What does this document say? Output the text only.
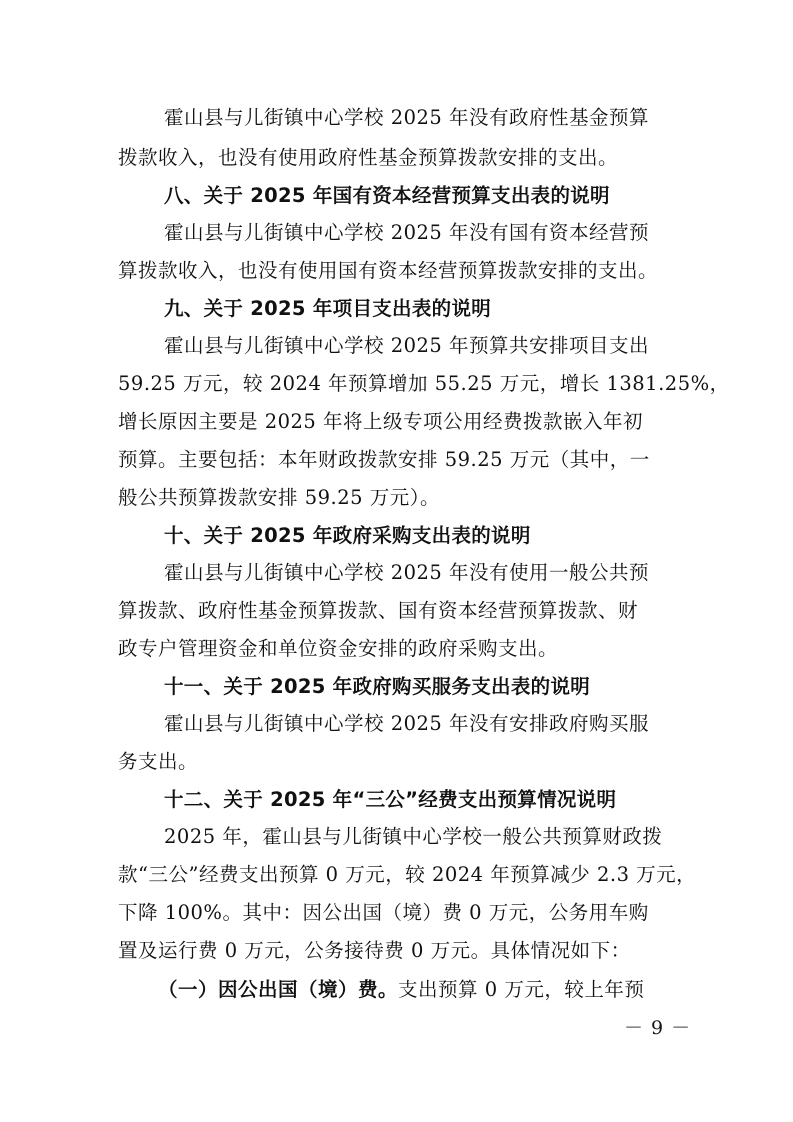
霍山县与儿街镇中心学校 2025 年没有政府性基金预算
拨款收入，也没有使用政府性基金预算拨款安排的支出。
八、关于 2025 年国有资本经营预算支出表的说明
霍山县与儿街镇中心学校 2025 年没有国有资本经营预
算拨款收入，也没有使用国有资本经营预算拨款安排的支出。
九、关于 2025 年项目支出表的说明
霍山县与儿街镇中心学校 2025 年预算共安排项目支出
59.25 万元，较 2024 年预算增加 55.25 万元，增长 1381.25%，
增长原因主要是 2025 年将上级专项公用经费拨款嵌入年初
预算。主要包括：本年财政拨款安排 59.25 万元（其中，一
般公共预算拨款安排 59.25 万元）。
十、关于 2025 年政府采购支出表的说明
霍山县与儿街镇中心学校 2025 年没有使用一般公共预
算拨款、政府性基金预算拨款、国有资本经营预算拨款、财
政专户管理资金和单位资金安排的政府采购支出。
十一、关于 2025 年政府购买服务支出表的说明
霍山县与儿街镇中心学校 2025 年没有安排政府购买服
务支出。
十二、关于 2025 年“三公”经费支出预算情况说明
2025 年，霍山县与儿街镇中心学校一般公共预算财政拨
款“三公”经费支出预算 0 万元，较 2024 年预算减少 2.3 万元，
下降 100%。其中：因公出国（境）费 0 万元，公务用车购
置及运行费 0 万元，公务接待费 0 万元。具体情况如下：
（一）因公出国（境）费。支出预算 0 万元，较上年预
－ 9 －
